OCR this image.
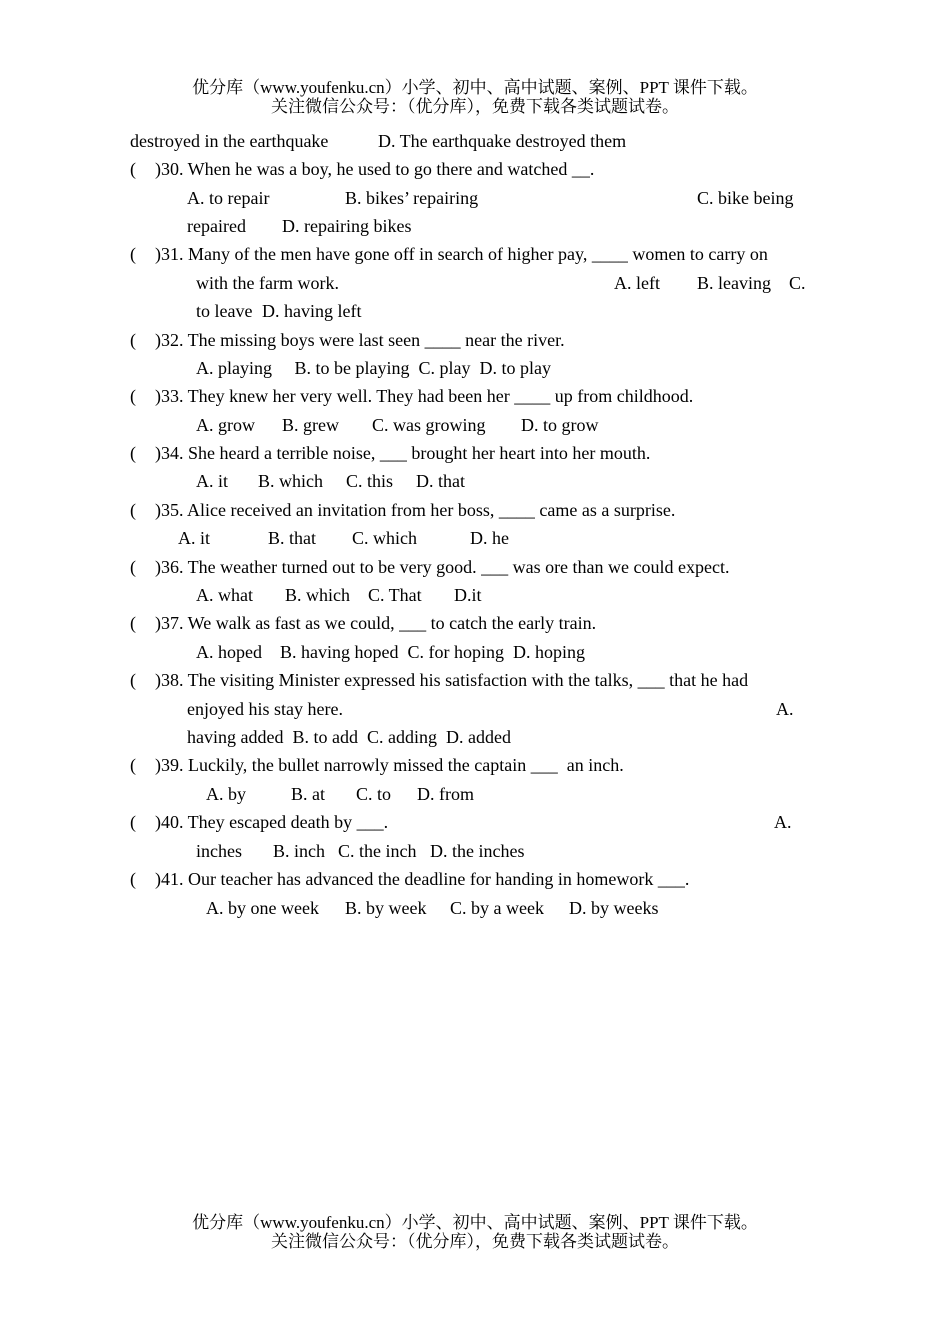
优分库（www.youfenku.cn）小学、初中、高中试题、案例、PPT 课件下载。
关注微信公众号：（优分库），免费下载各类试题试卷。
destroyed in the earthquake	D. The earthquake destroyed them
( )30. When he was a boy, he used to go there and watched __.
A. to repair	B. bikes’ repairing	C. bike being
repaired D. repairing bikes
( )31. Many of the men have gone off in search of higher pay, ____ women to carry on
with the farm work.	A. left B. leaving C.
to leave D. having left
( )32. The missing boys were last seen ____ near the river.
A. playing     B. to be playing  C. play  D. to play
( )33. They knew her very well. They had been her ____ up from childhood.
A. grow B. grew C. was growing D. to grow
( )34. She heard a terrible noise, ___ brought her heart into her mouth.
A. it B. which C. this D. that
( )35. Alice received an invitation from her boss, ____ came as a surprise.
A. it	B. that C. which	D. he
( )36. The weather turned out to be very good. ___ was ore than we could expect.
A. what B. which C. That D.it
( )37. We walk as fast as we could, ___ to catch the early train.
A. hoped    B. having hoped  C. for hoping  D. hoping
( )38. The visiting Minister expressed his satisfaction with the talks, ___ that he had
enjoyed his stay here.	A.
having added  B. to add  C. adding  D. added
( )39. Luckily, the bullet narrowly missed the captain ___  an inch.
A. by	B. at C. to D. from
( )40. They escaped death by ___.	A.
inches B. inch C. the inch   D. the inches
( )41. Our teacher has advanced the deadline for handing in homework ___.
A. by one week B. by week C. by a week D. by weeks
优分库（www.youfenku.cn）小学、初中、高中试题、案例、PPT 课件下载。
关注微信公众号：（优分库），免费下载各类试题试卷。
